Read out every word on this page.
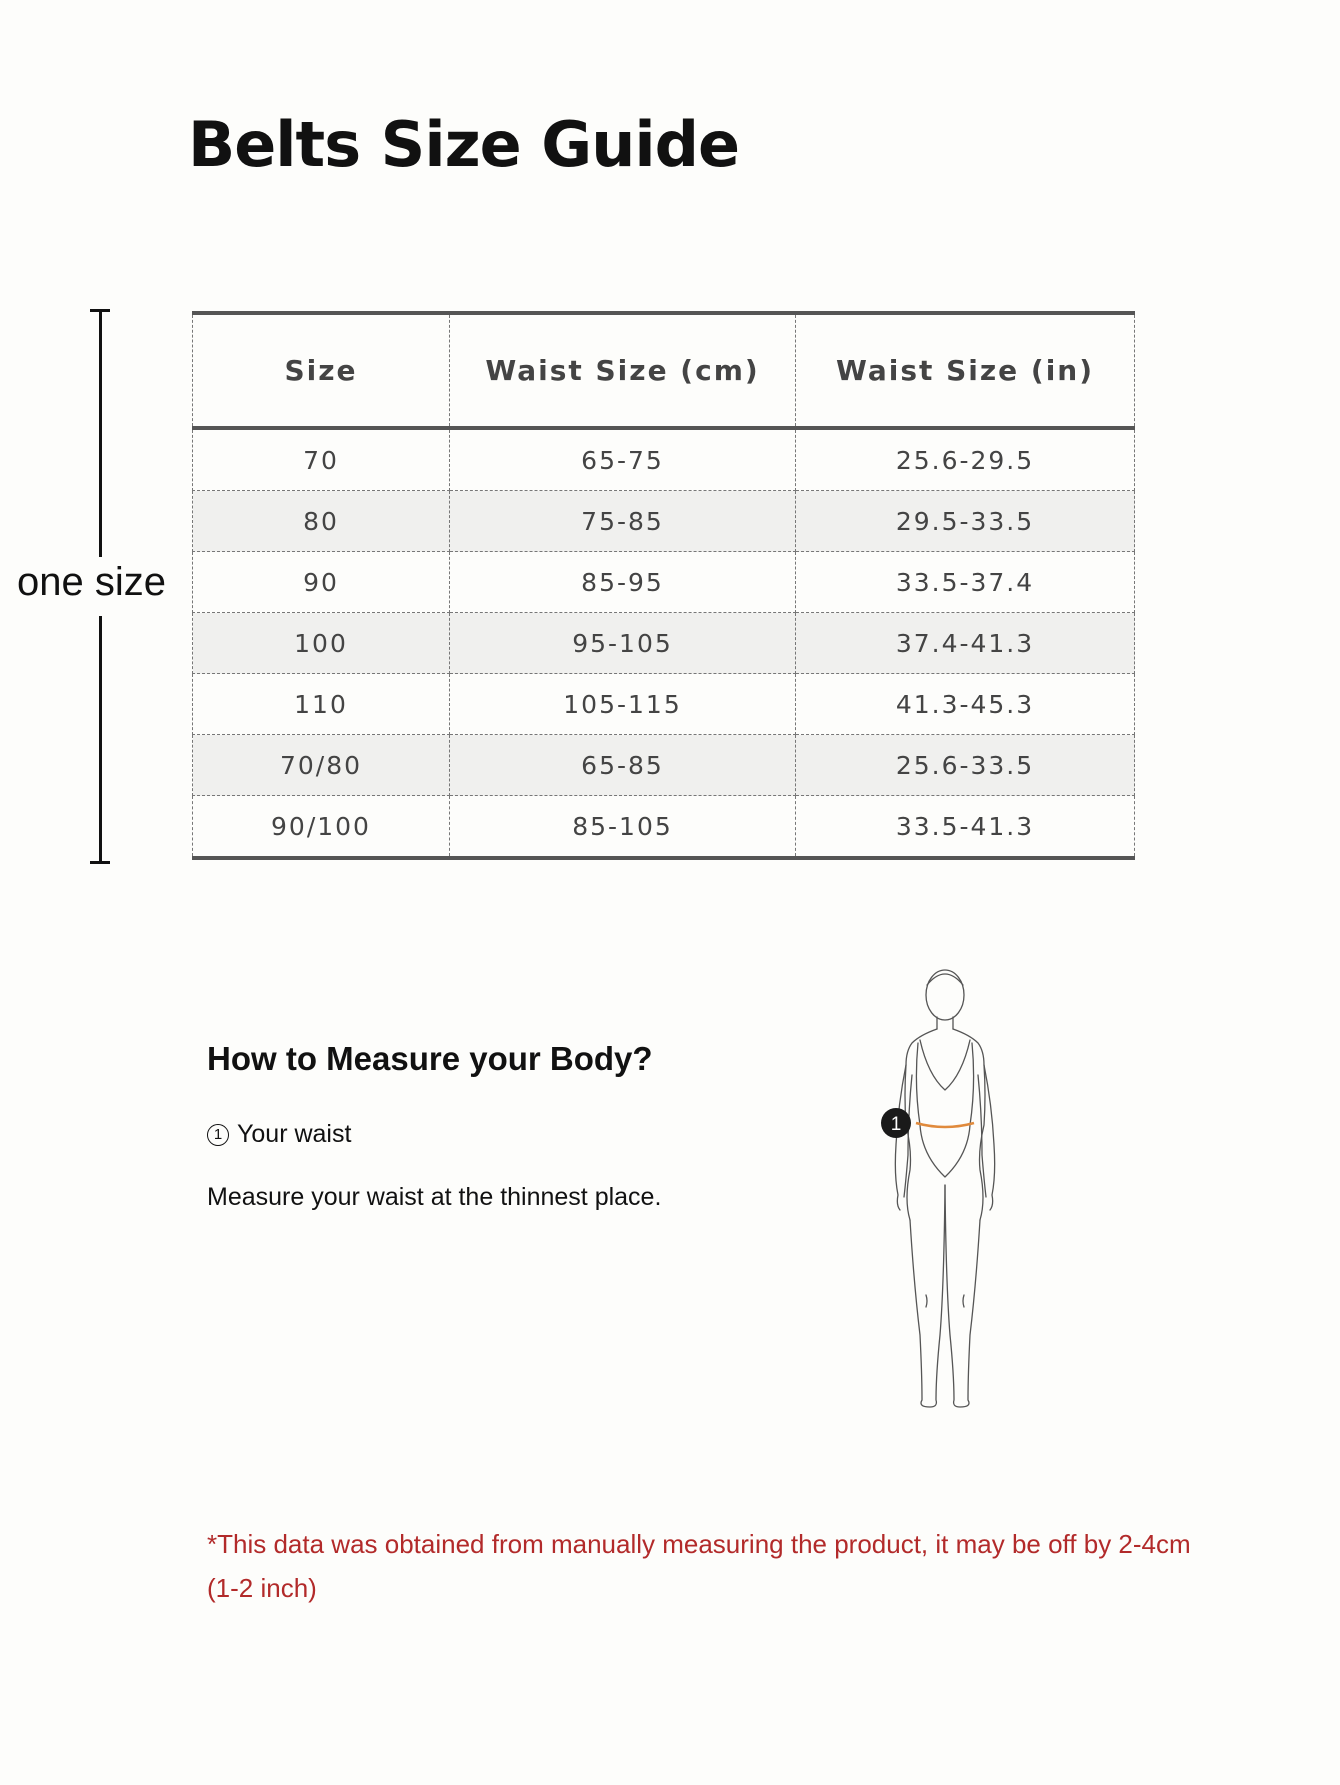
Belts Size Guide
one size
Size	Waist Size (cm)	Waist Size (in)
70	65-75	25.6-29.5
80	75-85	29.5-33.5
90	85-95	33.5-37.4
100	95-105	37.4-41.3
110	105-115	41.3-45.3
70/80	65-85	25.6-33.5
90/100	85-105	33.5-41.3
How to Measure your Body?
1 Your waist
Measure your waist at the thinnest place.
1
*This data was obtained from manually measuring the product, it may be off by 2-4cm (1-2 inch)
